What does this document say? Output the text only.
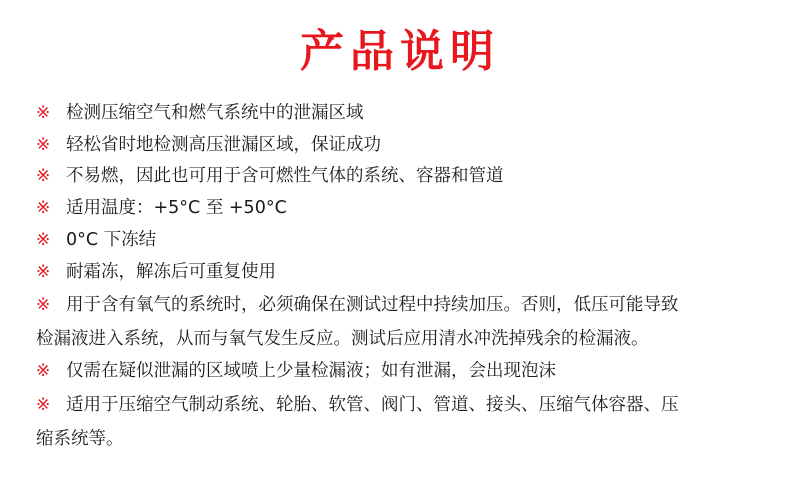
产品说明
※ 检测压缩空气和燃气系统中的泄漏区域
※ 轻松省时地检测高压泄漏区域，保证成功
※ 不易燃，因此也可用于含可燃性气体的系统、容器和管道
※ 适用温度：+5°C 至 +50°C
※ 0°C 下冻结
※ 耐霜冻，解冻后可重复使用
※ 用于含有氧气的系统时，必须确保在测试过程中持续加压。否则，低压可能导致
检漏液进入系统，从而与氧气发生反应。测试后应用清水冲洗掉残余的检漏液。
※ 仅需在疑似泄漏的区域喷上少量检漏液；如有泄漏，会出现泡沫
※ 适用于压缩空气制动系统、轮胎、软管、阀门、管道、接头、压缩气体容器、压
缩系统等。
